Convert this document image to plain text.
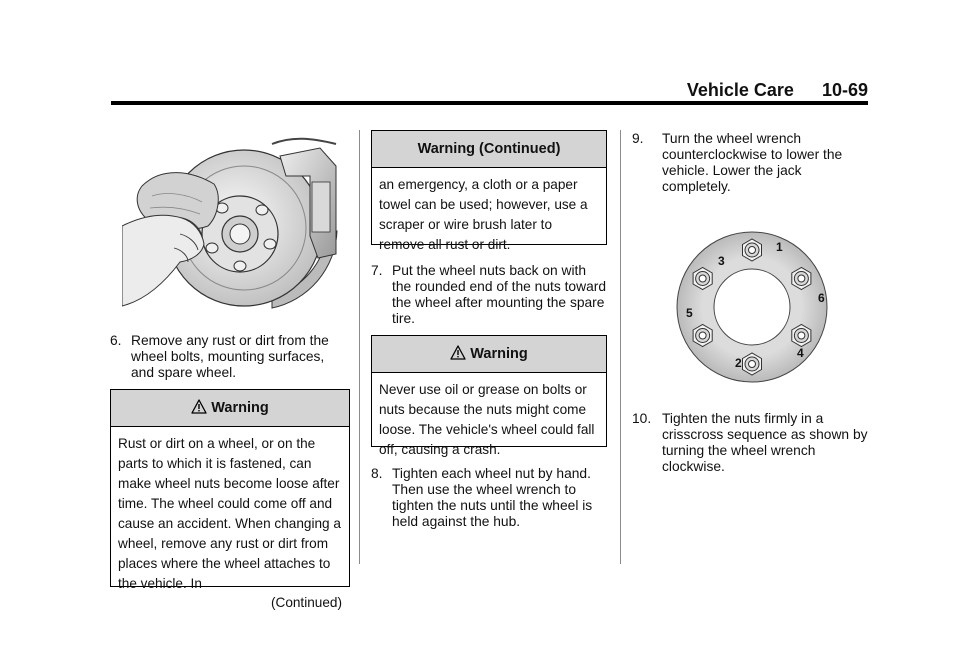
Vehicle Care 10-69
6. Remove any rust or dirt from the wheel bolts, mounting surfaces, and spare wheel.
Warning
Rust or dirt on a wheel, or on the parts to which it is fastened, can make wheel nuts become loose after time. The wheel could come off and cause an accident. When changing a wheel, remove any rust or dirt from places where the wheel attaches to the vehicle. In
(Continued)
Warning (Continued)
an emergency, a cloth or a paper towel can be used; however, use a scraper or wire brush later to remove all rust or dirt.
7. Put the wheel nuts back on with the rounded end of the nuts toward the wheel after mounting the spare tire.
Warning
Never use oil or grease on bolts or nuts because the nuts might come loose. The vehicle's wheel could fall off, causing a crash.
8. Tighten each wheel nut by hand. Then use the wheel wrench to tighten the nuts until the wheel is held against the hub.
9. Turn the wheel wrench counterclockwise to lower the vehicle. Lower the jack completely.
1
2
3
4
5
6
10. Tighten the nuts firmly in a crisscross sequence as shown by turning the wheel wrench clockwise.
